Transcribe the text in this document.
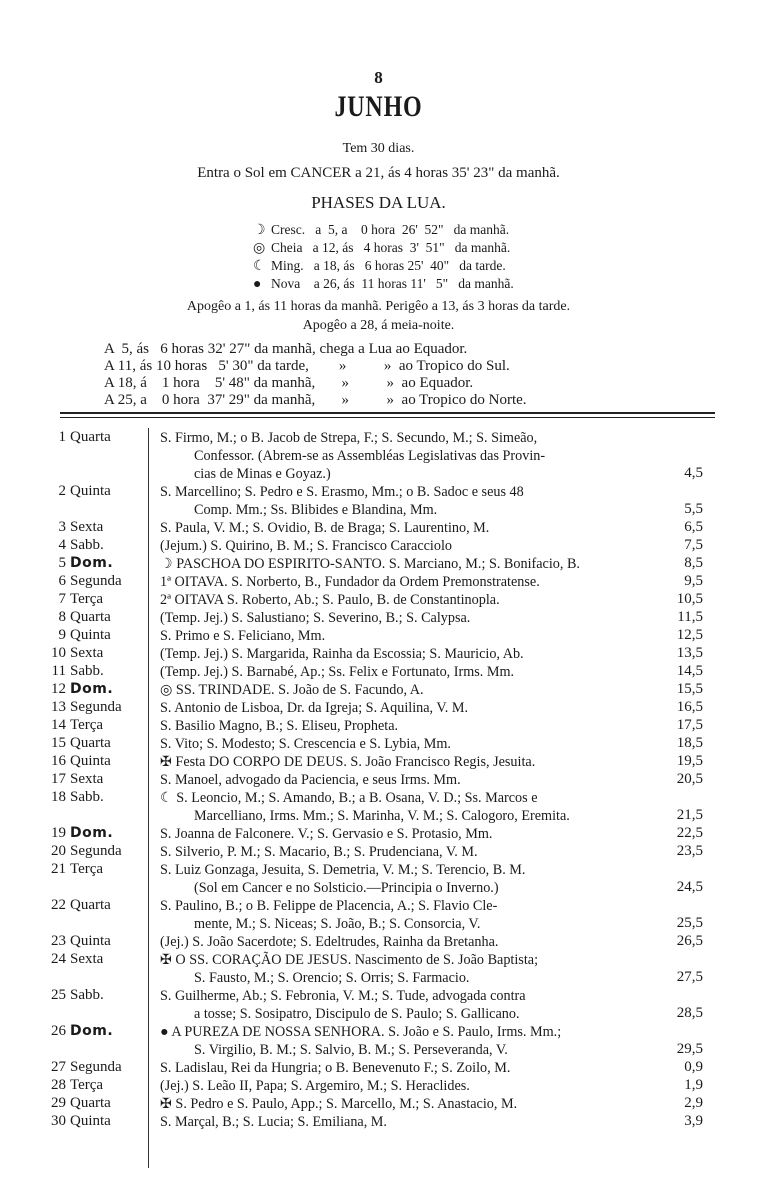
8
JUNHO
Tem 30 dias.
Entra o Sol em CANCER a 21, ás 4 horas 35' 23" da manhã.
PHASES DA LUA.
☽ Cresc.   a  5, a    0 hora  26'  52"   da manhã.
◎ Cheia   a 12, ás   4 horas  3'  51"   da manhã.
☾ Ming.   a 18, ás   6 horas 25'  40"   da tarde.
● Nova    a 26, ás  11 horas 11'   5"   da manhã.
Apogêo a 1, ás 11 horas da manhã. Perigêo a 13, ás 3 horas da tarde.
Apogêo a 28, á meia-noite.
A  5, ás   6 horas 32' 27" da manhã, chega a Lua ao Equador.
A 11, ás 10 horas   5' 30" da tarde,        »          »  ao Tropico do Sul.
A 18, á    1 hora    5' 48" da manhã,       »          »  ao Equador.
A 25, a    0 hora  37' 29" da manhã,       »          »  ao Tropico do Norte.
1 Quarta	S. Firmo, M.; o B. Jacob de Strepa, F.; S. Secundo, M.; S. Simeão,
Confessor. (Abrem-se as Assembléas Legislativas das Provin-
cias de Minas e Goyaz.)	4,5
2 Quinta	S. Marcellino; S. Pedro e S. Erasmo, Mm.; o B. Sadoc e seus 48
Comp. Mm.; Ss. Blibides e Blandina, Mm.	5,5
3 Sexta	S. Paula, V. M.; S. Ovidio, B. de Braga; S. Laurentino, M.	6,5
4 Sabb.	(Jejum.) S. Quirino, B. M.; S. Francisco Caracciolo	7,5
5 Dom.	☽ PASCHOA DO ESPIRITO-SANTO. S. Marciano, M.; S. Bonifacio, B.	8,5
6 Segunda	1ª OITAVA. S. Norberto, B., Fundador da Ordem Premonstratense.	9,5
7 Terça	2ª OITAVA S. Roberto, Ab.; S. Paulo, B. de Constantinopla.	10,5
8 Quarta	(Temp. Jej.) S. Salustiano; S. Severino, B.; S. Calypsa.	11,5
9 Quinta	S. Primo e S. Feliciano, Mm.	12,5
10 Sexta	(Temp. Jej.) S. Margarida, Rainha da Escossia; S. Mauricio, Ab.	13,5
11 Sabb.	(Temp. Jej.) S. Barnabé, Ap.; Ss. Felix e Fortunato, Irms. Mm.	14,5
12 Dom.	◎ SS. TRINDADE. S. João de S. Facundo, A.	15,5
13 Segunda	S. Antonio de Lisboa, Dr. da Igreja; S. Aquilina, V. M.	16,5
14 Terça	S. Basilio Magno, B.; S. Eliseu, Propheta.	17,5
15 Quarta	S. Vito; S. Modesto; S. Crescencia e S. Lybia, Mm.	18,5
16 Quinta	✠ Festa DO CORPO DE DEUS. S. João Francisco Regis, Jesuita.	19,5
17 Sexta	S. Manoel, advogado da Paciencia, e seus Irms. Mm.	20,5
18 Sabb.	☾ S. Leoncio, M.; S. Amando, B.; a B. Osana, V. D.; Ss. Marcos e
Marcelliano, Irms. Mm.; S. Marinha, V. M.; S. Calogoro, Eremita.	21,5
19 Dom.	S. Joanna de Falconere. V.; S. Gervasio e S. Protasio, Mm.	22,5
20 Segunda	S. Silverio, P. M.; S. Macario, B.; S. Prudenciana, V. M.	23,5
21 Terça	S. Luiz Gonzaga, Jesuita, S. Demetria, V. M.; S. Terencio, B. M.
(Sol em Cancer e no Solsticio.—Principia o Inverno.)	24,5
22 Quarta	S. Paulino, B.; o B. Felippe de Placencia, A.; S. Flavio Cle-
mente, M.; S. Niceas; S. João, B.; S. Consorcia, V.	25,5
23 Quinta	(Jej.) S. João Sacerdote; S. Edeltrudes, Rainha da Bretanha.	26,5
24 Sexta	✠ O SS. CORAÇÃO DE JESUS. Nascimento de S. João Baptista;
S. Fausto, M.; S. Orencio; S. Orris; S. Farmacio.	27,5
25 Sabb.	S. Guilherme, Ab.; S. Febronia, V. M.; S. Tude, advogada contra
a tosse; S. Sosipatro, Discipulo de S. Paulo; S. Gallicano.	28,5
26 Dom.	● A PUREZA DE NOSSA SENHORA. S. João e S. Paulo, Irms. Mm.;
S. Virgilio, B. M.; S. Salvio, B. M.; S. Perseveranda, V.	29,5
27 Segunda	S. Ladislau, Rei da Hungria; o B. Benevenuto F.; S. Zoilo, M.	0,9
28 Terça	(Jej.) S. Leão II, Papa; S. Argemiro, M.; S. Heraclides.	1,9
29 Quarta	✠ S. Pedro e S. Paulo, App.; S. Marcello, M.; S. Anastacio, M.	2,9
30 Quinta	S. Marçal, B.; S. Lucia; S. Emiliana, M.	3,9
